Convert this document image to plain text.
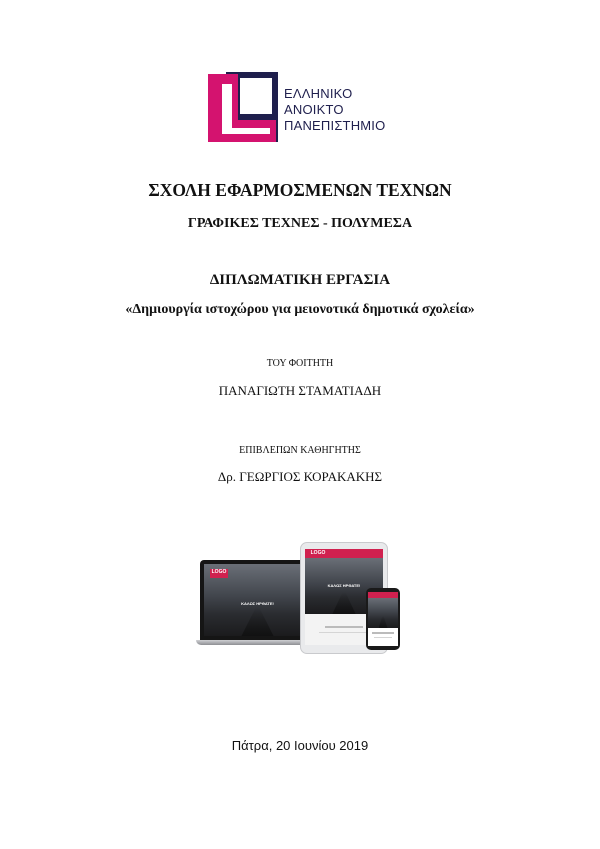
ΕΛΛΗΝΙΚΟ
ΑΝΟΙΚΤΟ
ΠΑΝΕΠΙΣΤΗΜΙΟ
ΣΧΟΛΗ ΕΦΑΡΜΟΣΜΕΝΩΝ ΤΕΧΝΩΝ
ΓΡΑΦΙΚΕΣ ΤΕΧΝΕΣ - ΠΟΛΥΜΕΣΑ
ΔΙΠΛΩΜΑΤΙΚΗ ΕΡΓΑΣΙΑ
«Δημιουργία ιστοχώρου για μειονοτικά δημοτικά σχολεία»
ΤΟΥ ΦΟΙΤΗΤΗ
ΠΑΝΑΓΙΩΤΗ ΣΤΑΜΑΤΙΑΔΗ
ΕΠΙΒΛΕΠΩΝ ΚΑΘΗΓΗΤΗΣ
Δρ. ΓΕΩΡΓΙΟΣ ΚΟΡΑΚΑΚΗΣ
LOGO
ΚΑΛΩΣ ΗΡΘΑΤΕ!
LOGO
ΚΑΛΩΣ ΗΡΘΑΤΕ!
Πάτρα, 20 Ιουνίου 2019
